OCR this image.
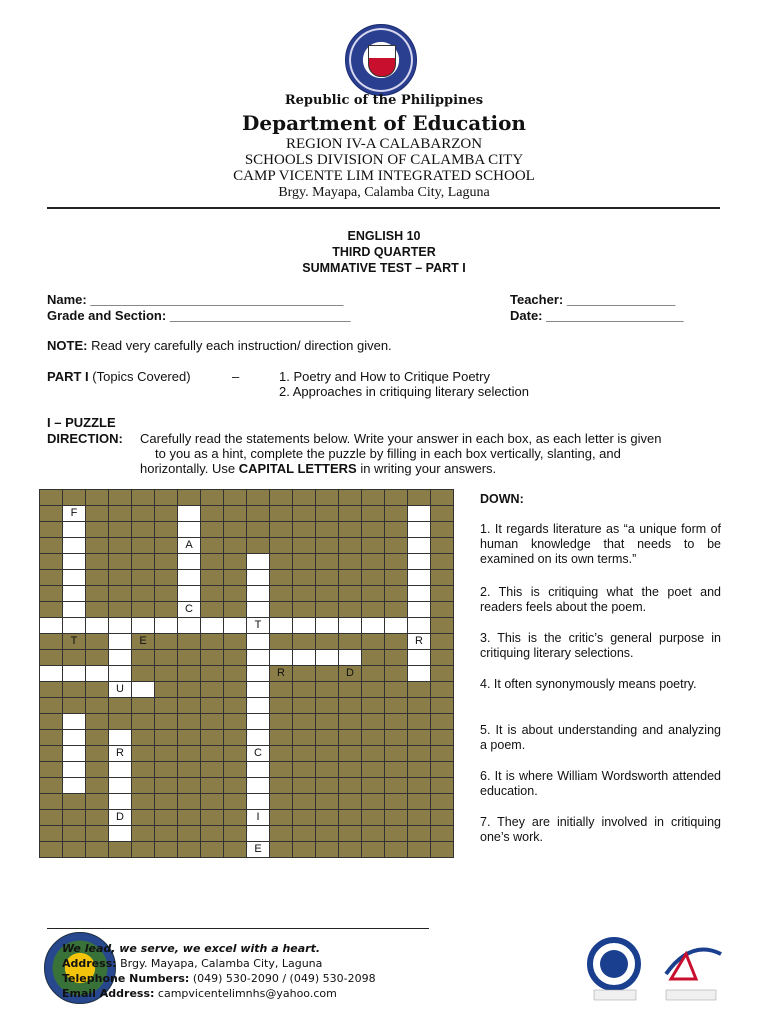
Republic of the Philippines
Department of Education
REGION IV-A CALABARZON
SCHOOLS DIVISION OF CALAMBA CITY
CAMP VICENTE LIM INTEGRATED SCHOOL
Brgy. Mayapa, Calamba City, Laguna
ENGLISH 10
THIRD QUARTER
SUMMATIVE TEST – PART I
Name: ___________________________________
Grade and Section: _________________________
Teacher: _______________
Date: ___________________
NOTE: Read very carefully each instruction/ direction given.
PART I (Topics Covered)	–	1. Poetry and How to Critique Poetry
2. Approaches in critiquing literary selection
I – PUZZLE
DIRECTION: Carefully read the statements below. Write your answer in each box, as each letter is given
to you as a hint, complete the puzzle by filling in each box vertically, slanting, and
horizontally. Use CAPITAL LETTERS in writing your answers.

	F																

						A											

						C											
									T								
	T			E												R	

										R			D				
			U														

			R						C								

			D						I								

									E								
DOWN:
1. It regards literature as “a unique form of human knowledge that needs to be examined on its own terms.”
2. This is critiquing what the poet and readers feels about the poem.
3. This is the critic’s general purpose in critiquing literary selections.
4. It often synonymously means poetry.
5. It is about understanding and analyzing a poem.
6. It is where William Wordsworth attended education.
7. They are initially involved in critiquing one’s work.
We lead, we serve, we excel with a heart.
Address: Brgy. Mayapa, Calamba City, Laguna
Telephone Numbers: (049) 530-2090 / (049) 530-2098
Email Address: campvicentelimnhs@yahoo.com
